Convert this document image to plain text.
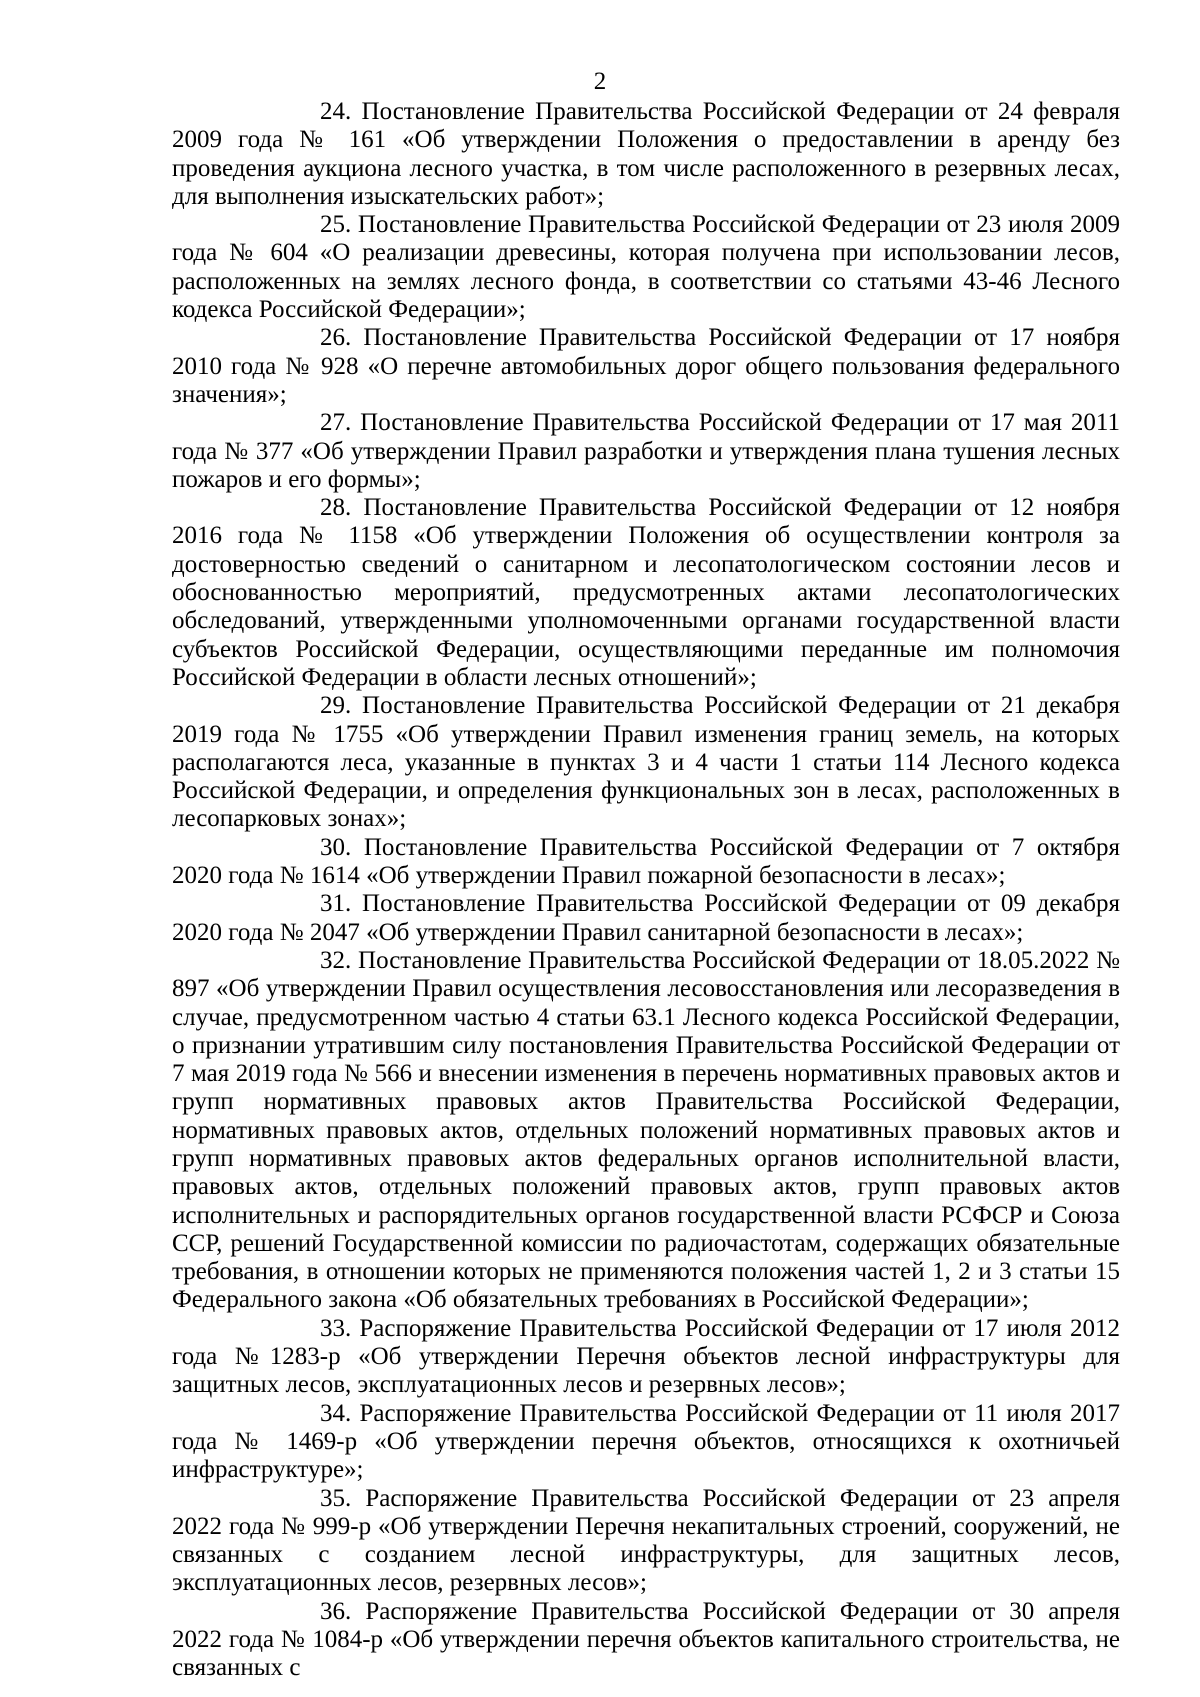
2

24. Постановление Правительства Российской Федерации от 24 февраля 2009 года № 161 «Об утверждении Положения о предоставлении в аренду без проведения аукциона лесного участка, в том числе расположенного в резервных лесах, для выполнения изыскательских работ»;

25. Постановление Правительства Российской Федерации от 23 июля 2009 года № 604 «О реализации древесины, которая получена при использовании лесов, расположенных на землях лесного фонда, в соответствии со статьями 43-46 Лесного кодекса Российской Федерации»;

26. Постановление Правительства Российской Федерации от 17 ноября 2010 года № 928 «О перечне автомобильных дорог общего пользования федерального значения»;

27. Постановление Правительства Российской Федерации от 17 мая 2011 года № 377 «Об утверждении Правил разработки и утверждения плана тушения лесных пожаров и его формы»;

28. Постановление Правительства Российской Федерации от 12 ноября 2016 года № 1158 «Об утверждении Положения об осуществлении контроля за достоверностью сведений о санитарном и лесопатологическом состоянии лесов и обоснованностью мероприятий, предусмотренных актами лесопатологических обследований, утвержденными уполномоченными органами государственной власти субъектов Российской Федерации, осуществляющими переданные им полномочия Российской Федерации в области лесных отношений»;

29. Постановление Правительства Российской Федерации от 21 декабря 2019 года № 1755 «Об утверждении Правил изменения границ земель, на которых располагаются леса, указанные в пунктах 3 и 4 части 1 статьи 114 Лесного кодекса Российской Федерации, и определения функциональных зон в лесах, расположенных в лесопарковых зонах»;

30. Постановление Правительства Российской Федерации от 7 октября 2020 года № 1614 «Об утверждении Правил пожарной безопасности в лесах»;

31. Постановление Правительства Российской Федерации от 09 декабря 2020 года № 2047 «Об утверждении Правил санитарной безопасности в лесах»;

32. Постановление Правительства Российской Федерации от 18.05.2022 № 897 «Об утверждении Правил осуществления лесовосстановления или лесоразведения в случае, предусмотренном частью 4 статьи 63.1 Лесного кодекса Российской Федерации, о признании утратившим силу постановления Правительства Российской Федерации от 7 мая 2019 года № 566 и внесении изменения в перечень нормативных правовых актов и групп нормативных правовых актов Правительства Российской Федерации, нормативных правовых актов, отдельных положений нормативных правовых актов и групп нормативных правовых актов федеральных органов исполнительной власти, правовых актов, отдельных положений правовых актов, групп правовых актов исполнительных и распорядительных органов государственной власти РСФСР и Союза ССР, решений Государственной комиссии по радиочастотам, содержащих обязательные требования, в отношении которых не применяются положения частей 1, 2 и 3 статьи 15 Федерального закона «Об обязательных требованиях в Российской Федерации»;

33. Распоряжение Правительства Российской Федерации от 17 июля 2012 года №1283-р «Об утверждении Перечня объектов лесной инфраструктуры для защитных лесов, эксплуатационных лесов и резервных лесов»;

34. Распоряжение Правительства Российской Федерации от 11 июля 2017 года № 1469-р «Об утверждении перечня объектов, относящихся к охотничьей инфраструктуре»;

35. Распоряжение Правительства Российской Федерации от 23 апреля 2022 года № 999-р «Об утверждении Перечня некапитальных строений, сооружений, не связанных с созданием лесной инфраструктуры, для защитных лесов, эксплуатационных лесов, резервных лесов»;

36. Распоряжение Правительства Российской Федерации от 30 апреля 2022 года № 1084-р «Об утверждении перечня объектов капитального строительства, не связанных с
